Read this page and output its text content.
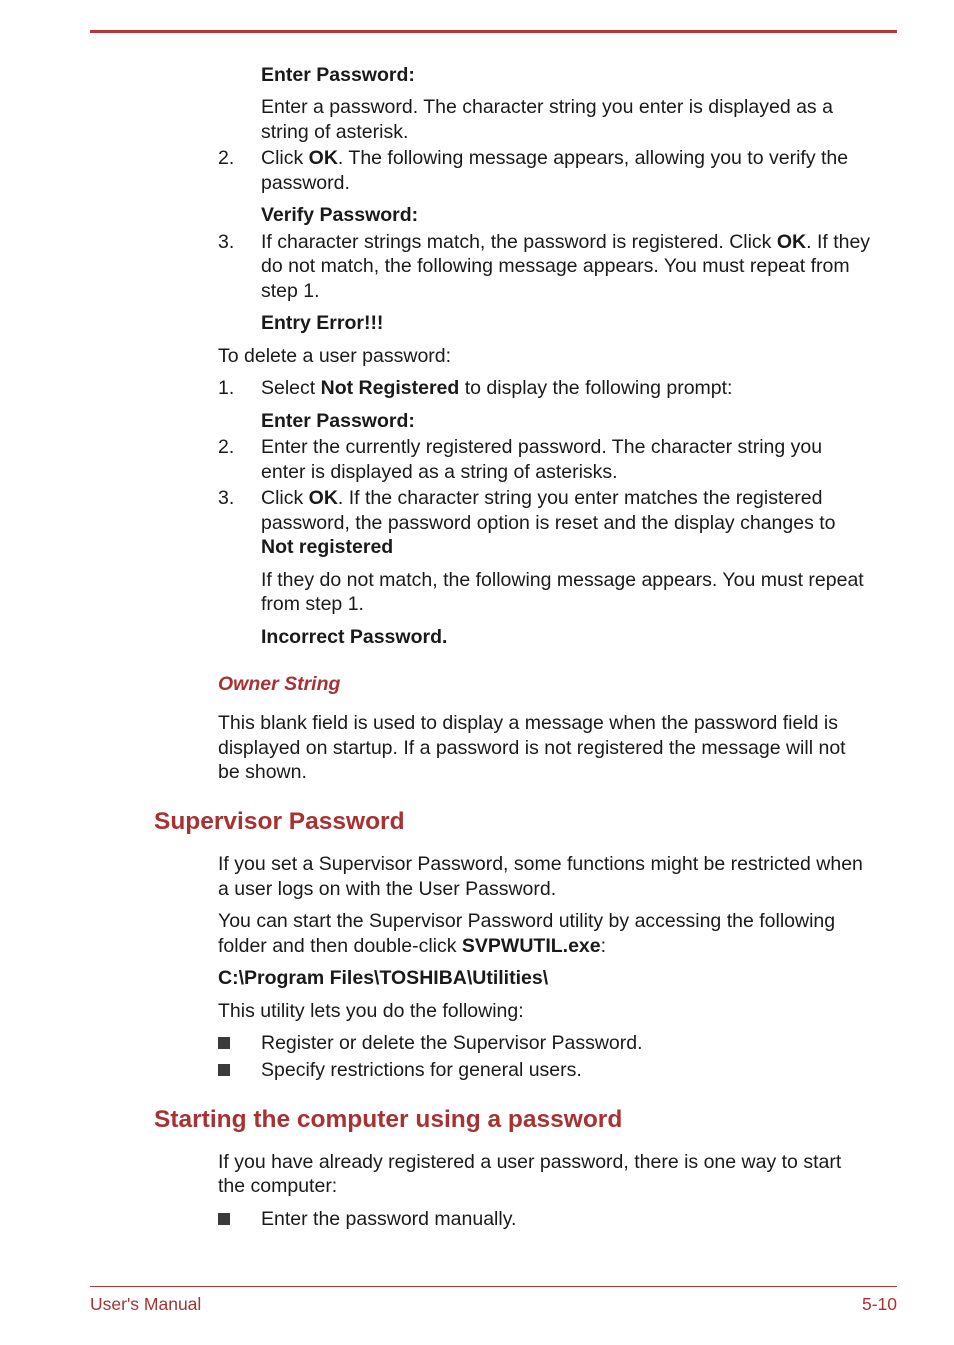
Enter Password:
Enter a password. The character string you enter is displayed as a
string of asterisk.
2. Click OK. The following message appears, allowing you to verify the
password.
Verify Password:
3. If character strings match, the password is registered. Click OK. If they
do not match, the following message appears. You must repeat from
step 1.
Entry Error!!!
To delete a user password:
1. Select Not Registered to display the following prompt:
Enter Password:
2. Enter the currently registered password. The character string you
enter is displayed as a string of asterisks.
3. Click OK. If the character string you enter matches the registered
password, the password option is reset and the display changes to
Not registered
If they do not match, the following message appears. You must repeat
from step 1.
Incorrect Password.
Owner String
This blank field is used to display a message when the password field is
displayed on startup. If a password is not registered the message will not
be shown.
Supervisor Password
If you set a Supervisor Password, some functions might be restricted when
a user logs on with the User Password.
You can start the Supervisor Password utility by accessing the following
folder and then double-click SVPWUTIL.exe:
C:\Program Files\TOSHIBA\Utilities\
This utility lets you do the following:
Register or delete the Supervisor Password.
Specify restrictions for general users.
Starting the computer using a password
If you have already registered a user password, there is one way to start
the computer:
Enter the password manually.
User's Manual	5-10
